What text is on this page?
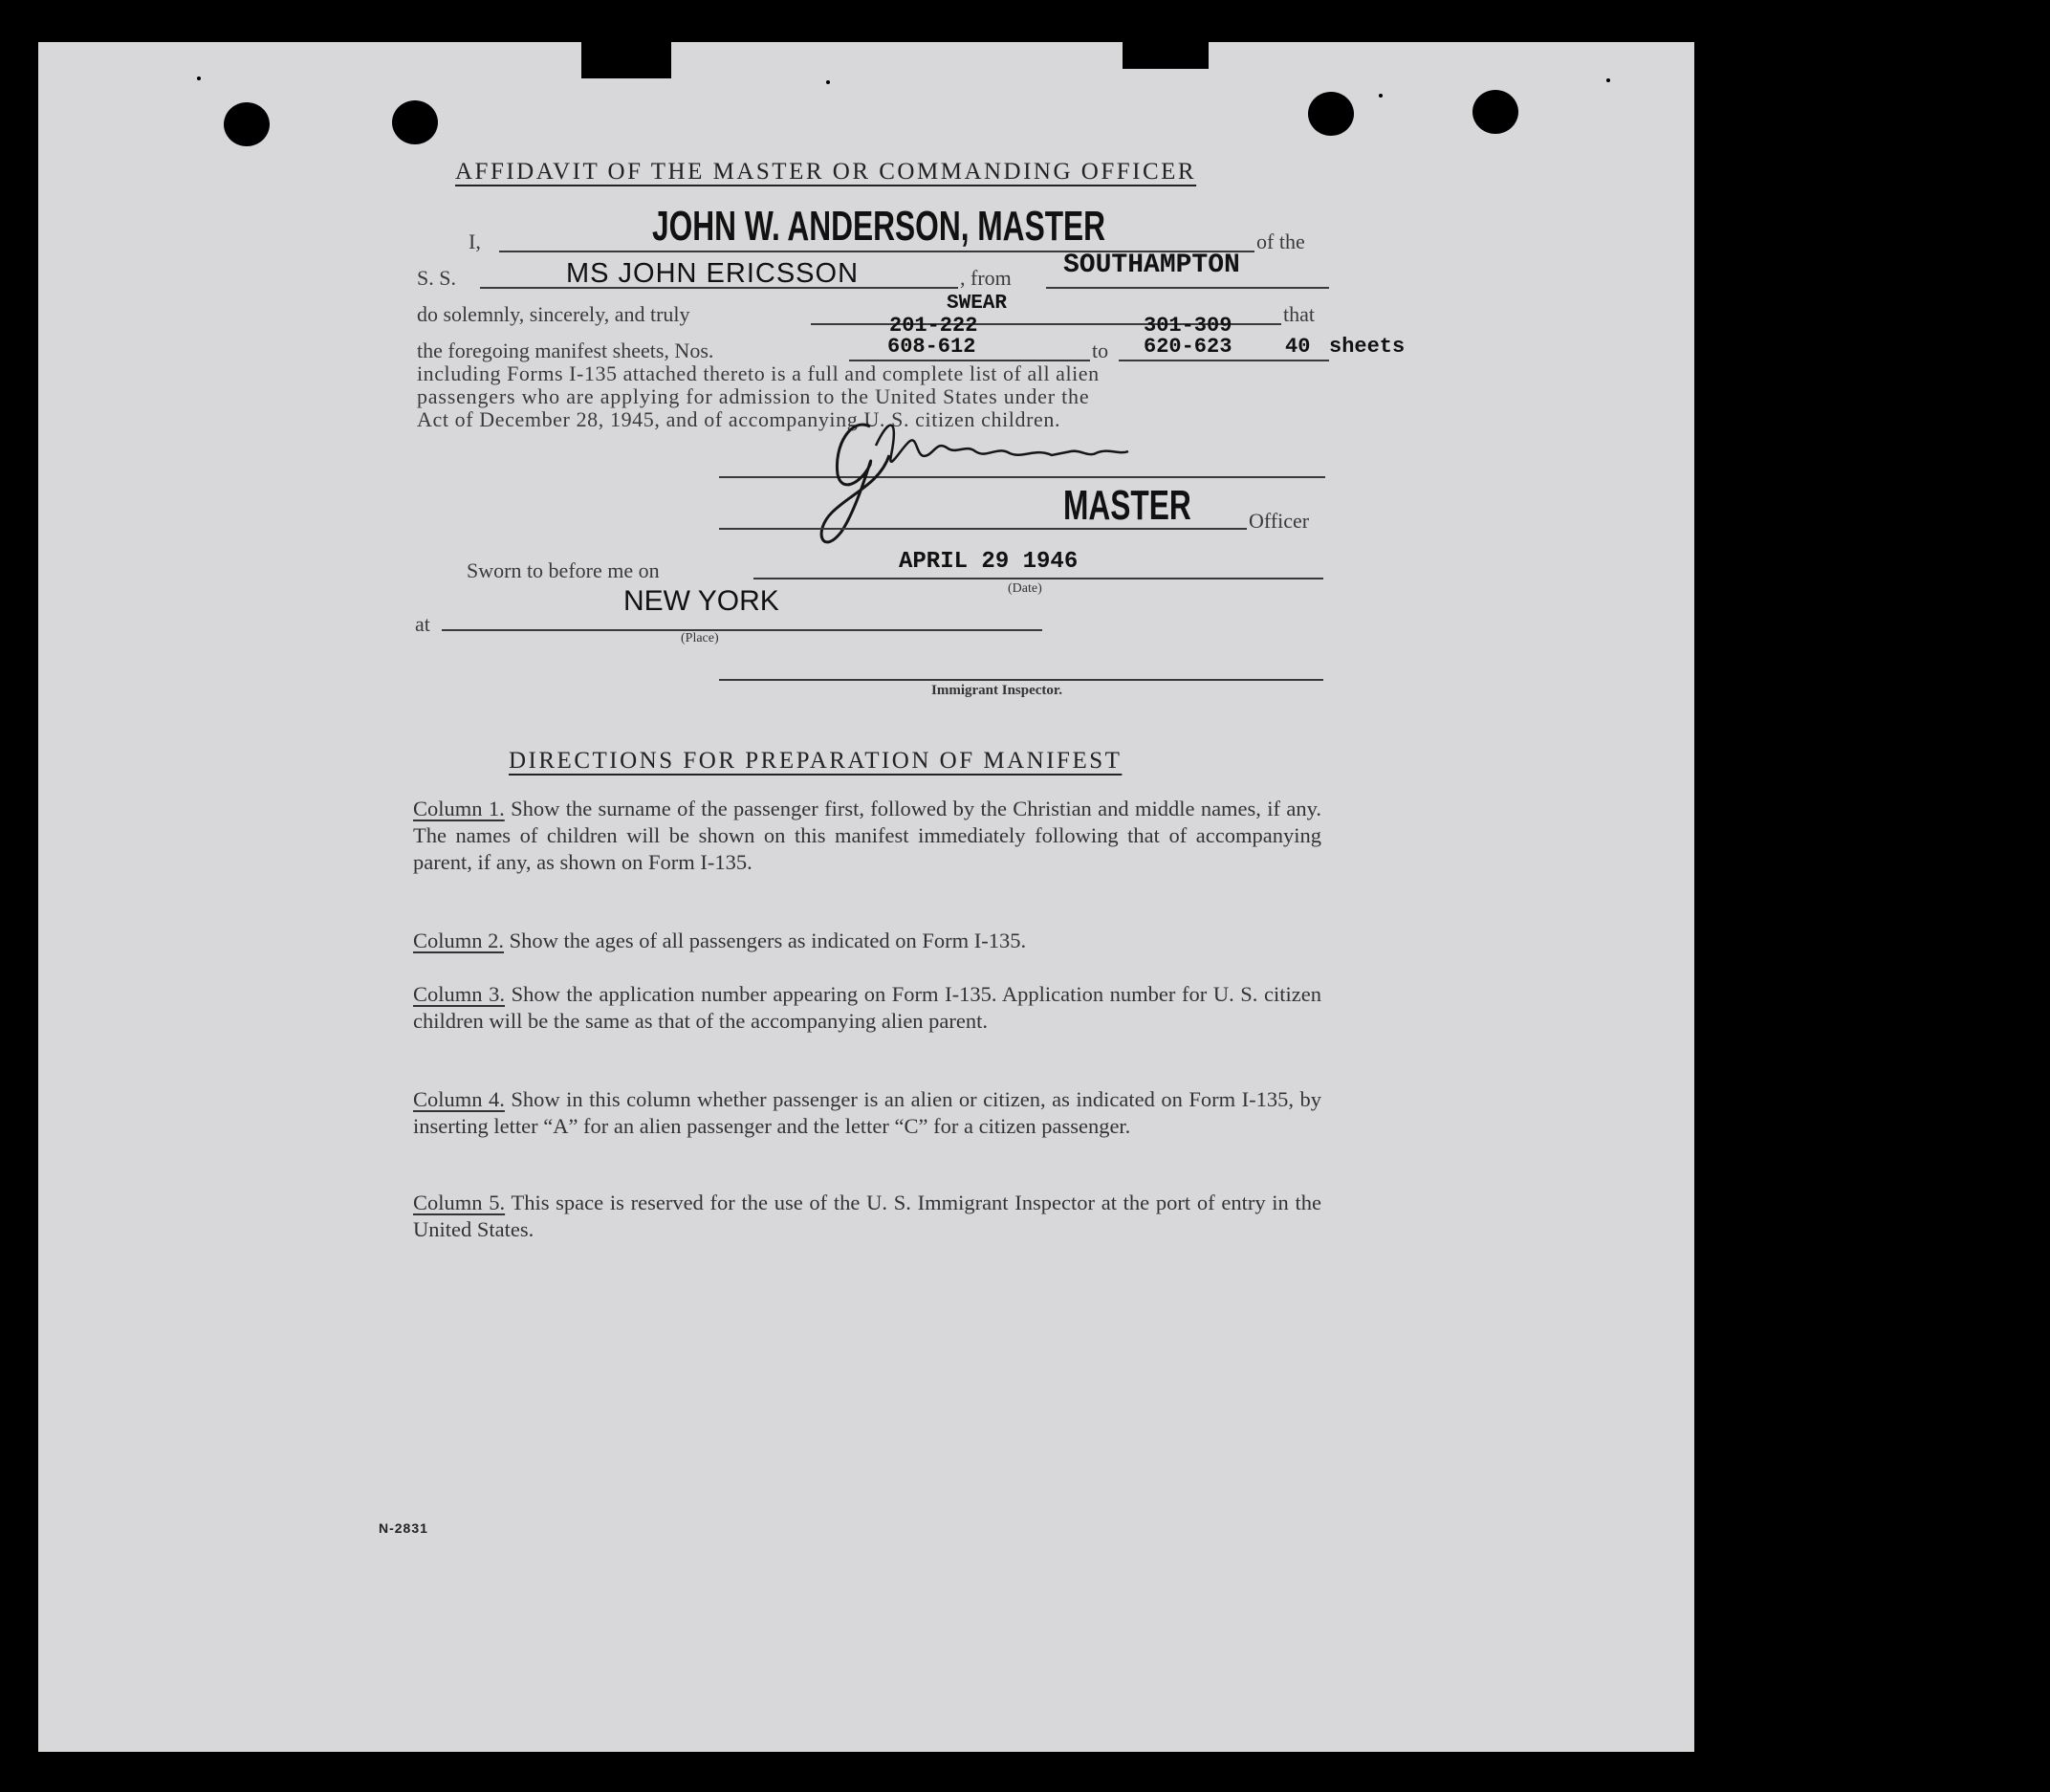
AFFIDAVIT OF THE MASTER OR COMMANDING OFFICER
I,	JOHN W. ANDERSON, MASTER	of the
S. S.	MS JOHN ERICSSON	, from SOUTHAMPTON
do solemnly, sincerely, and truly	SWEAR	that
the foregoing manifest sheets, Nos.
201-222
608-612	to
301-309
620-623	40 sheets
including Forms I-135 attached thereto is a full and complete list of all alien
passengers who are applying for admission to the United States under the
Act of December 28, 1945, and of accompanying U. S. citizen children.
MASTER	Officer
Sworn to before me on	APRIL 29 1946
(Date)
at
NEW YORK
(Place)
Immigrant Inspector.
DIRECTIONS FOR PREPARATION OF MANIFEST
Column 1. Show the surname of the passenger first, followed by the Christian and middle names, if any. The names of children will be shown on this manifest immediately following that of accompanying parent, if any, as shown on Form I-135.
Column 2. Show the ages of all passengers as indicated on Form I-135.
Column 3. Show the application number appearing on Form I-135. Application number for U. S. citizen children will be the same as that of the accompanying alien parent.
Column 4. Show in this column whether passenger is an alien or citizen, as indicated on Form I-135, by inserting letter “A” for an alien passenger and the letter “C” for a citizen passenger.
Column 5. This space is reserved for the use of the U. S. Immigrant Inspector at the port of entry in the United States.
N-2831
